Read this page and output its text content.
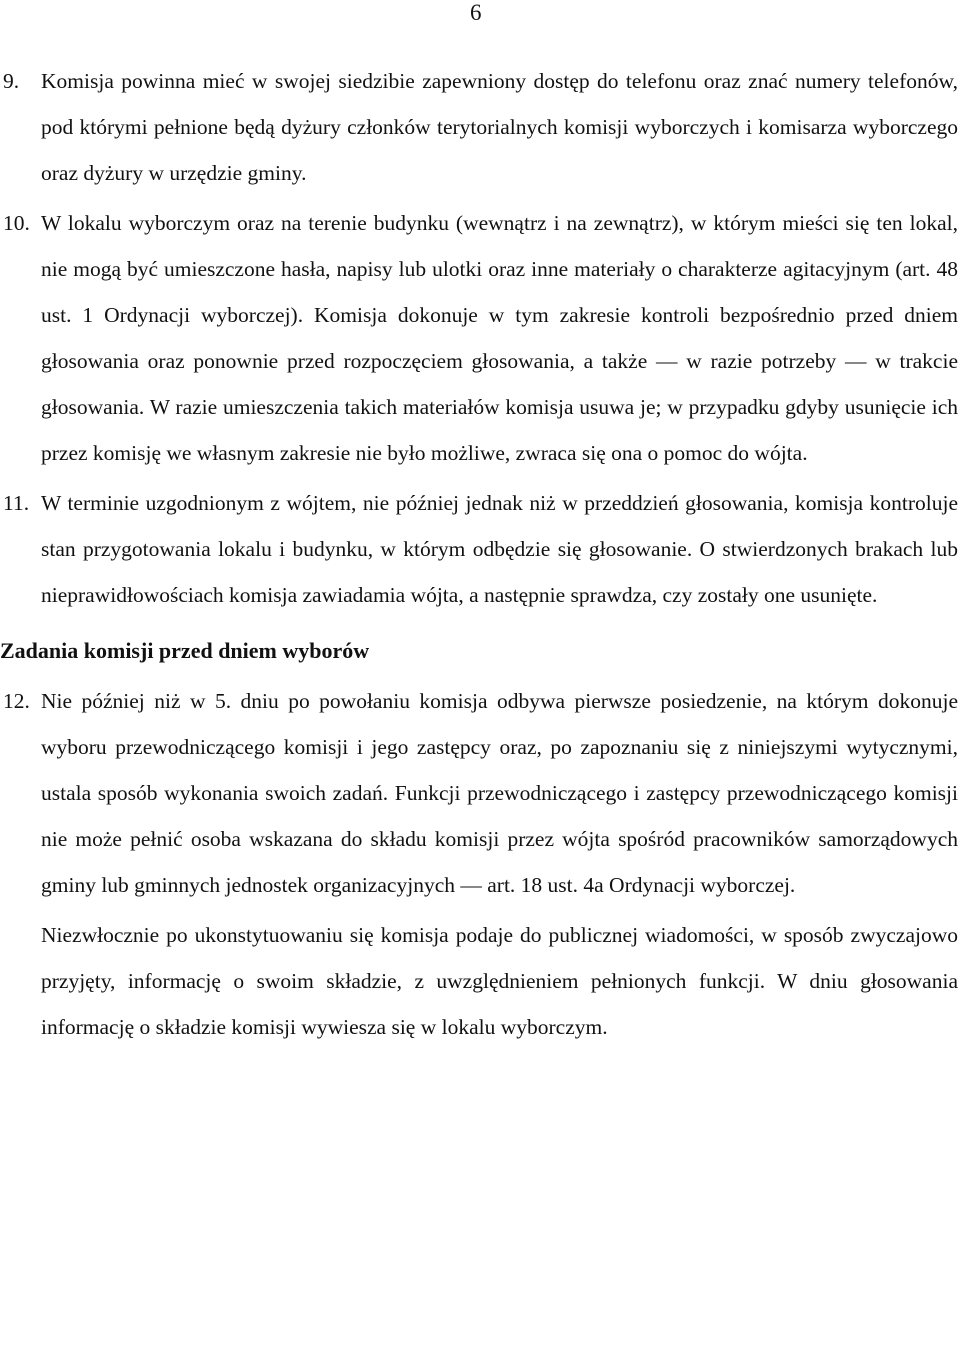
6

9. Komisja powinna mieć w swojej siedzibie zapewniony dostęp do telefonu oraz znać numery telefonów, pod którymi pełnione będą dyżury członków terytorialnych komisji wyborczych i komisarza wyborczego oraz dyżury w urzędzie gminy.

10. W lokalu wyborczym oraz na terenie budynku (wewnątrz i na zewnątrz), w którym mieści się ten lokal, nie mogą być umieszczone hasła, napisy lub ulotki oraz inne materiały o charakterze agitacyjnym (art. 48 ust. 1 Ordynacji wyborczej). Komisja dokonuje w tym zakresie kontroli bezpośrednio przed dniem głosowania oraz ponownie przed rozpoczęciem głosowania, a także — w razie potrzeby — w trakcie głosowania. W razie umieszczenia takich materiałów komisja usuwa je; w przypadku gdyby usunięcie ich przez komisję we własnym zakresie nie było możliwe, zwraca się ona o pomoc do wójta.

11. W terminie uzgodnionym z wójtem, nie później jednak niż w przeddzień głosowania, komisja kontroluje stan przygotowania lokalu i budynku, w którym odbędzie się głosowanie. O stwierdzonych brakach lub nieprawidłowościach komisja zawiadamia wójta, a następnie sprawdza, czy zostały one usunięte.

Zadania komisji przed dniem wyborów

12. Nie później niż w 5. dniu po powołaniu komisja odbywa pierwsze posiedzenie, na którym dokonuje wyboru przewodniczącego komisji i jego zastępcy oraz, po zapoznaniu się z niniejszymi wytycznymi, ustala sposób wykonania swoich zadań. Funkcji przewodniczącego i zastępcy przewodniczącego komisji nie może pełnić osoba wskazana do składu komisji przez wójta spośród pracowników samorządowych gminy lub gminnych jednostek organizacyjnych — art. 18 ust. 4a Ordynacji wyborczej.

Niezwłocznie po ukonstytuowaniu się komisja podaje do publicznej wiadomości, w sposób zwyczajowo przyjęty, informację o swoim składzie, z uwzględnieniem pełnionych funkcji. W dniu głosowania informację o składzie komisji wywiesza się w lokalu wyborczym.
